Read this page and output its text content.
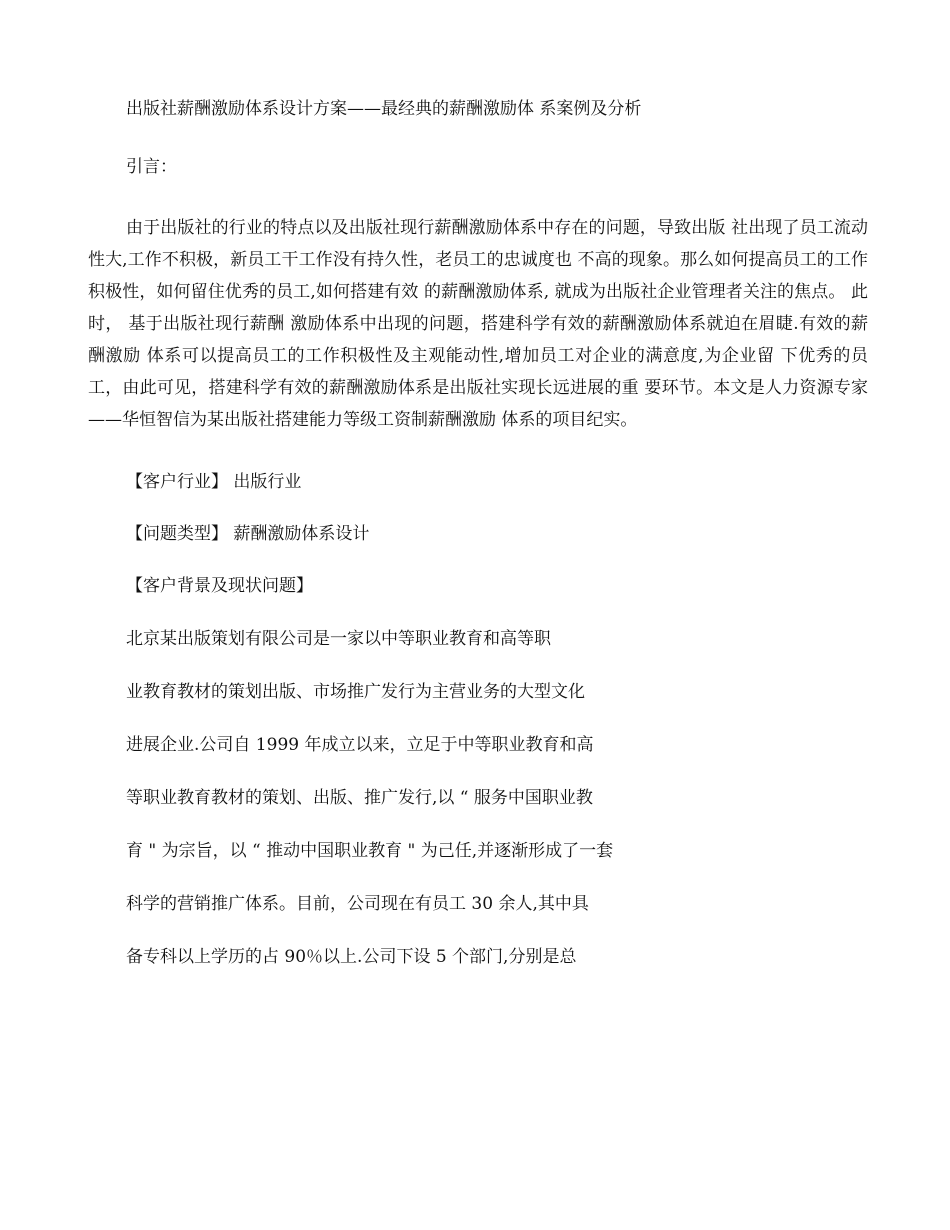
出版社薪酬激励体系设计方案——最经典的薪酬激励体 系案例及分析

引言：

由于出版社的行业的特点以及出版社现行薪酬激励体系中存在的问题，导致出版 社出现了员工流动性大,工作不积极，新员工干工作没有持久性，老员工的忠诚度也 不高的现象。那么如何提高员工的工作积极性，如何留住优秀的员工,如何搭建有效 的薪酬激励体系, 就成为出版社企业管理者关注的焦点。 此时， 基于出版社现行薪酬 激励体系中出现的问题，搭建科学有效的薪酬激励体系就迫在眉睫.有效的薪酬激励 体系可以提高员工的工作积极性及主观能动性,增加员工对企业的满意度,为企业留 下优秀的员工，由此可见，搭建科学有效的薪酬激励体系是出版社实现长远进展的重 要环节。本文是人力资源专家——华恒智信为某出版社搭建能力等级工资制薪酬激励 体系的项目纪实。

【客户行业】 出版行业

【问题类型】 薪酬激励体系设计

【客户背景及现状问题】

北京某出版策划有限公司是一家以中等职业教育和高等职

业教育教材的策划出版、市场推广发行为主营业务的大型文化

进展企业.公司自 1999 年成立以来，立足于中等职业教育和高

等职业教育教材的策划、出版、推广发行,以 “ 服务中国职业教

育 " 为宗旨，以 “ 推动中国职业教育 " 为己任,并逐渐形成了一套

科学的营销推广体系。目前，公司现在有员工 30 余人,其中具

备专科以上学历的占 90％以上.公司下设 5 个部门,分别是总
